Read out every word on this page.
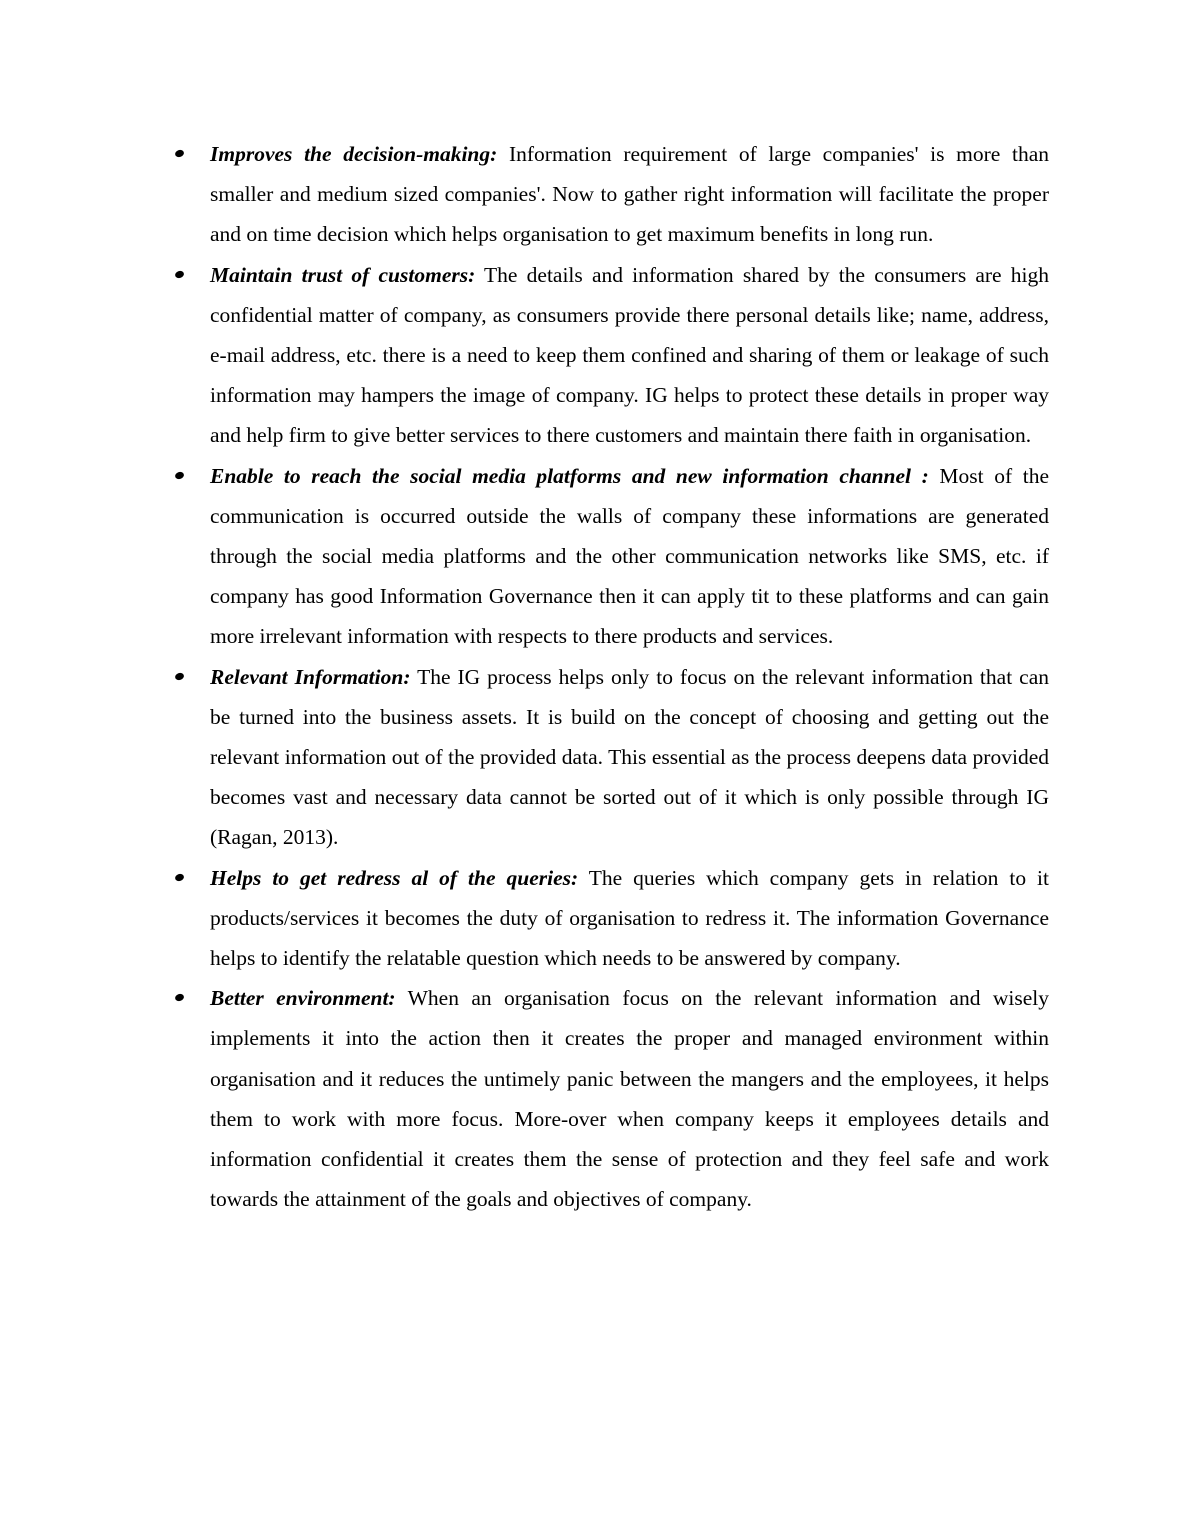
Improves the decision-making: Information requirement of large companies' is more than smaller and medium sized companies'. Now to gather right information will facilitate the proper and on time decision which helps organisation to get maximum benefits in long run.

Maintain trust of customers: The details and information shared by the consumers are high confidential matter of company, as consumers provide there personal details like; name, address, e-mail address, etc. there is a need to keep them confined and sharing of them or leakage of such information may hampers the image of company. IG helps to protect these details in proper way and help firm to give better services to there customers and maintain there faith in organisation.

Enable to reach the social media platforms and new information channel : Most of the communication is occurred outside the walls of company these informations are generated through the social media platforms and the other communication networks like SMS, etc. if company has good Information Governance then it can apply tit to these platforms and can gain more irrelevant information with respects to there products and services.

Relevant Information: The IG process helps only to focus on the relevant information that can be turned into the business assets. It is build on the concept of choosing and getting out the relevant information out of the provided data. This essential as the process deepens data provided becomes vast and necessary data cannot be sorted out of it which is only possible through IG (Ragan, 2013).

Helps to get redress al of the queries: The queries which company gets in relation to it products/services it becomes the duty of organisation to redress it. The information Governance helps to identify the relatable question which needs to be answered by company.

Better environment: When an organisation focus on the relevant information and wisely implements it into the action then it creates the proper and managed environment within organisation and it reduces the untimely panic between the mangers and the employees, it helps them to work with more focus. More-over when company keeps it employees details and information confidential it creates them the sense of protection and they feel safe and work towards the attainment of the goals and objectives of company.
